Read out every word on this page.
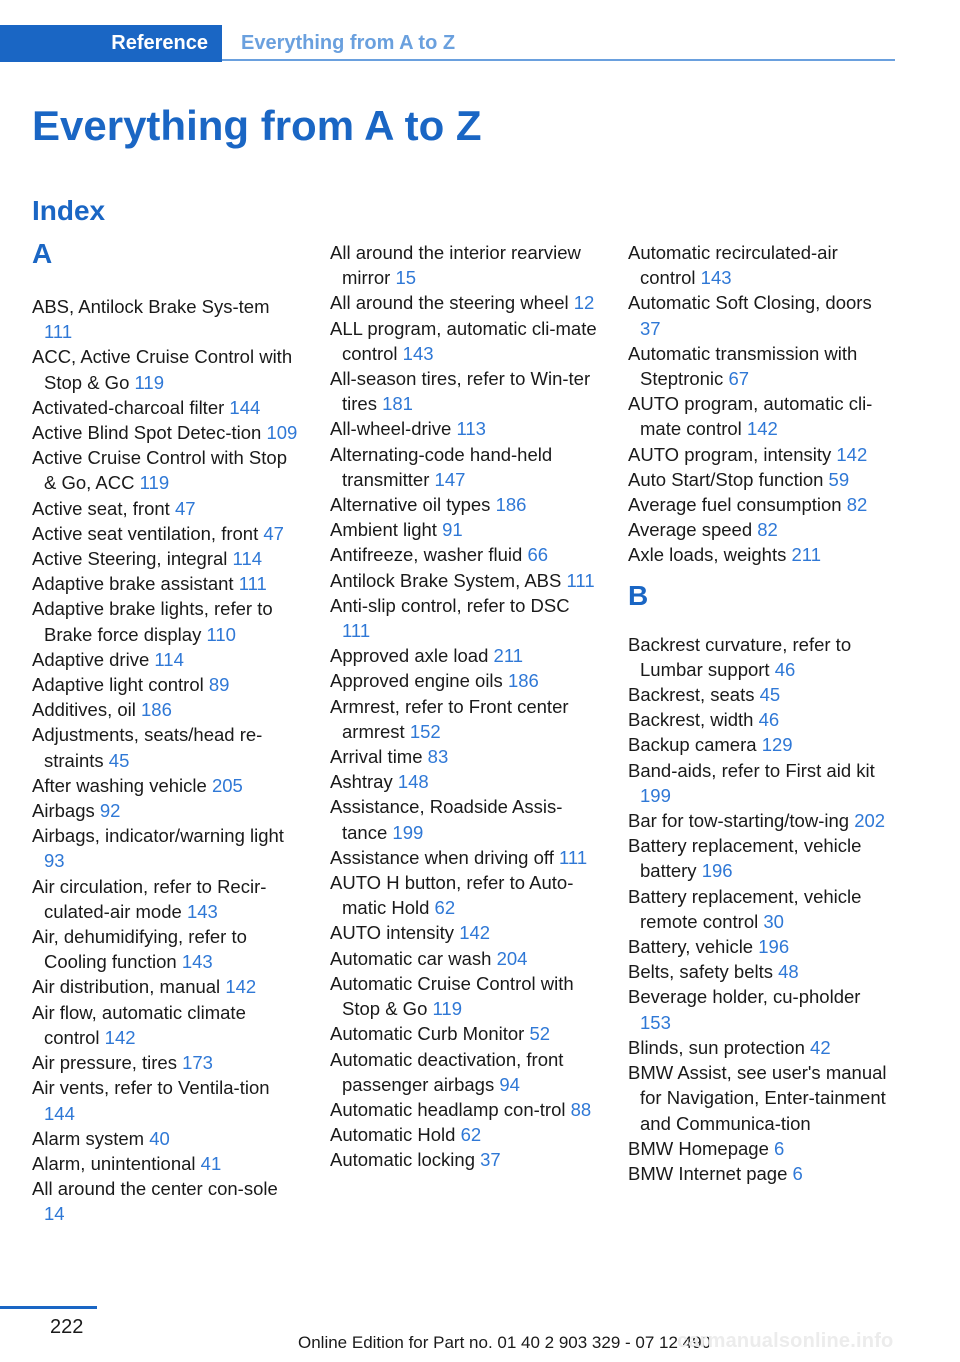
Reference	Everything from A to Z
Everything from A to Z
Index
A
ABS, Antilock Brake Sys-tem 111
ACC, Active Cruise Control with Stop & Go 119
Activated-charcoal filter 144
Active Blind Spot Detec-tion 109
Active Cruise Control with Stop & Go, ACC 119
Active seat, front 47
Active seat ventilation, front 47
Active Steering, integral 114
Adaptive brake assistant 111
Adaptive brake lights, refer to Brake force display 110
Adaptive drive 114
Adaptive light control 89
Additives, oil 186
Adjustments, seats/head re-straints 45
After washing vehicle 205
Airbags 92
Airbags, indicator/warning light 93
Air circulation, refer to Recir-culated-air mode 143
Air, dehumidifying, refer to Cooling function 143
Air distribution, manual 142
Air flow, automatic climate control 142
Air pressure, tires 173
Air vents, refer to Ventila-tion 144
Alarm system 40
Alarm, unintentional 41
All around the center con-sole 14
All around the interior rearview mirror 15
All around the steering wheel 12
ALL program, automatic cli-mate control 143
All-season tires, refer to Win-ter tires 181
All-wheel-drive 113
Alternating-code hand-held transmitter 147
Alternative oil types 186
Ambient light 91
Antifreeze, washer fluid 66
Antilock Brake System, ABS 111
Anti-slip control, refer to DSC 111
Approved axle load 211
Approved engine oils 186
Armrest, refer to Front center armrest 152
Arrival time 83
Ashtray 148
Assistance, Roadside Assis-tance 199
Assistance when driving off 111
AUTO H button, refer to Auto-matic Hold 62
AUTO intensity 142
Automatic car wash 204
Automatic Cruise Control with Stop & Go 119
Automatic Curb Monitor 52
Automatic deactivation, front passenger airbags 94
Automatic headlamp con-trol 88
Automatic Hold 62
Automatic locking 37
Automatic recirculated-air control 143
Automatic Soft Closing, doors 37
Automatic transmission with Steptronic 67
AUTO program, automatic cli-mate control 142
AUTO program, intensity 142
Auto Start/Stop function 59
Average fuel consumption 82
Average speed 82
Axle loads, weights 211
B
Backrest curvature, refer to Lumbar support 46
Backrest, seats 45
Backrest, width 46
Backup camera 129
Band-aids, refer to First aid kit 199
Bar for tow-starting/tow-ing 202
Battery replacement, vehicle battery 196
Battery replacement, vehicle remote control 30
Battery, vehicle 196
Belts, safety belts 48
Beverage holder, cu-pholder 153
Blinds, sun protection 42
BMW Assist, see user's manual for Navigation, Enter-tainment and Communica-tion
BMW Homepage 6
BMW Internet page 6
222
Online Edition for Part no. 01 40 2 903 329 - 07 12 490
carmanualsonline.info
